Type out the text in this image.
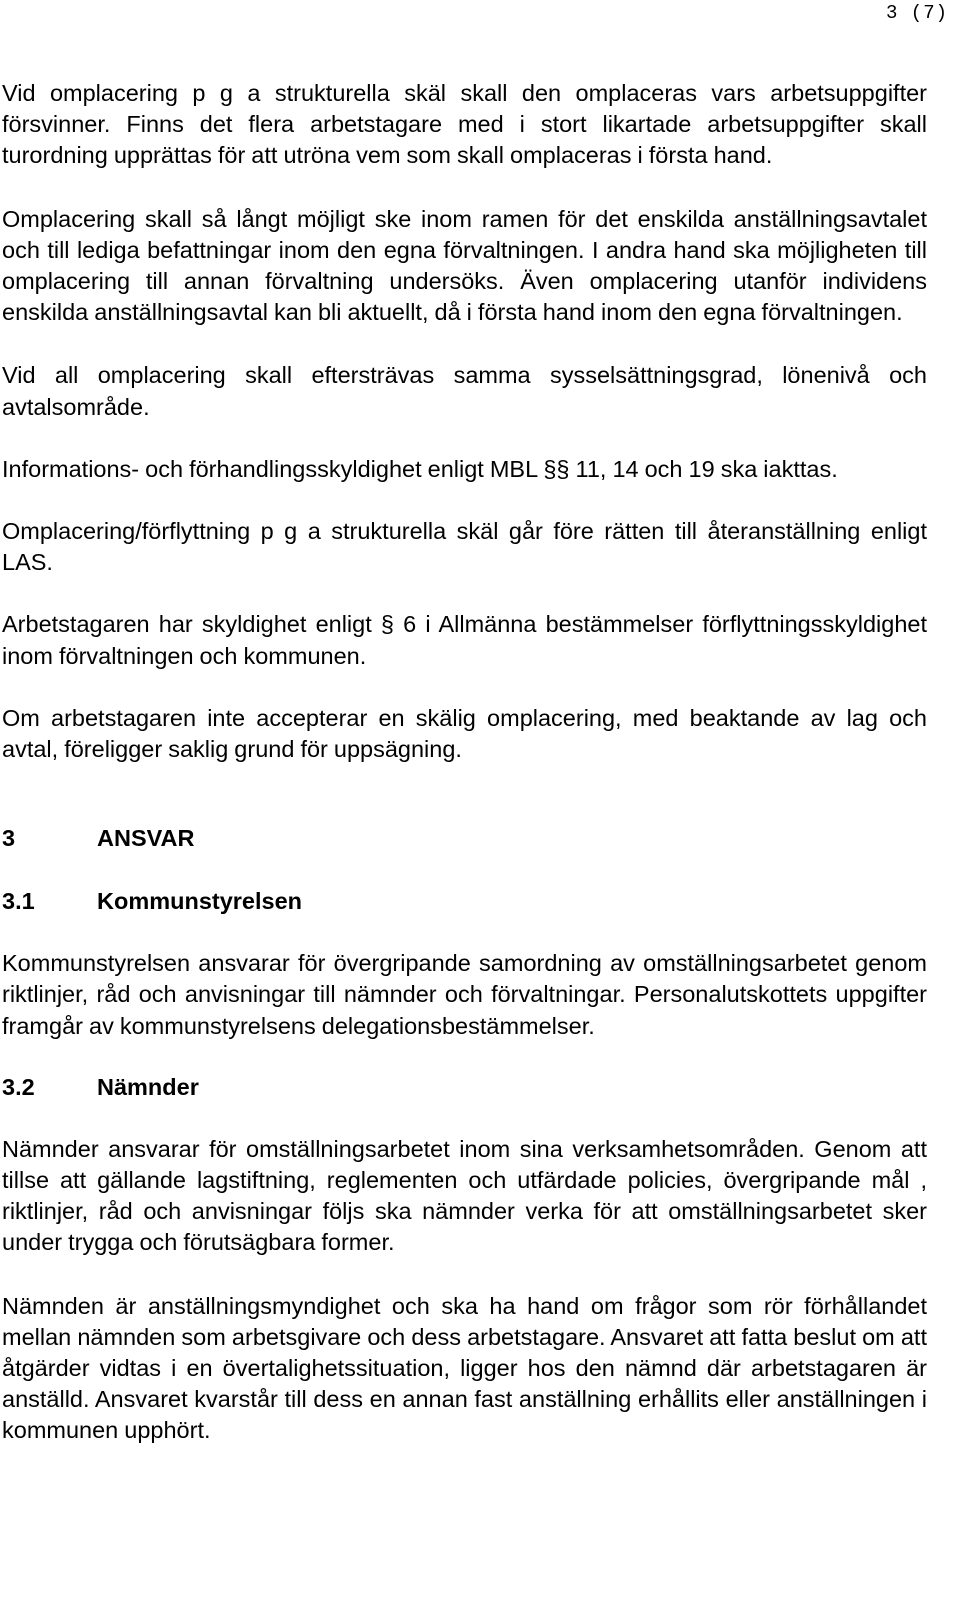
3 (7)

Vid omplacering p g a strukturella skäl skall den omplaceras vars arbetsuppgifter försvinner. Finns det flera arbetstagare med i stort likartade arbetsuppgifter skall turordning upprättas för att utröna vem som skall omplaceras i första hand.

Omplacering skall så långt möjligt ske inom ramen för det enskilda anställningsavtalet och till lediga befattningar inom den egna förvaltningen. I andra hand ska möjligheten till omplacering till annan förvaltning undersöks. Även omplacering utanför individens enskilda anställningsavtal kan bli aktuellt, då i första hand inom den egna förvaltningen.

Vid all omplacering skall eftersträvas samma sysselsättningsgrad, lönenivå och avtalsområde.

Informations- och förhandlingsskyldighet enligt MBL §§ 11, 14 och 19 ska iakttas.

Omplacering/förflyttning p g a strukturella skäl går före rätten till återanställning enligt LAS.

Arbetstagaren har skyldighet enligt § 6 i Allmänna bestämmelser förflyttningsskyldighet inom förvaltningen och kommunen.

Om arbetstagaren inte accepterar en skälig omplacering, med beaktande av lag och avtal, föreligger saklig grund för uppsägning.

3	ANSVAR
3.1	Kommunstyrelsen

Kommunstyrelsen ansvarar för övergripande samordning av omställningsarbetet genom riktlinjer, råd och anvisningar till nämnder och förvaltningar. Personalutskottets uppgifter framgår av kommunstyrelsens delegationsbestämmelser.

3.2	Nämnder

Nämnder ansvarar för omställningsarbetet inom sina verksamhetsområden. Genom att tillse att gällande lagstiftning, reglementen och utfärdade policies, övergripande mål , riktlinjer, råd och anvisningar följs ska nämnder verka för att omställningsarbetet sker under trygga och förutsägbara former.

Nämnden är anställningsmyndighet och ska ha hand om frågor som rör förhållandet mellan nämnden som arbetsgivare och dess arbetstagare. Ansvaret att fatta beslut om att åtgärder vidtas i en övertalighetssituation, ligger hos den nämnd där arbetstagaren är anställd. Ansvaret kvarstår till dess en annan fast anställning erhållits eller anställningen i kommunen upphört.
